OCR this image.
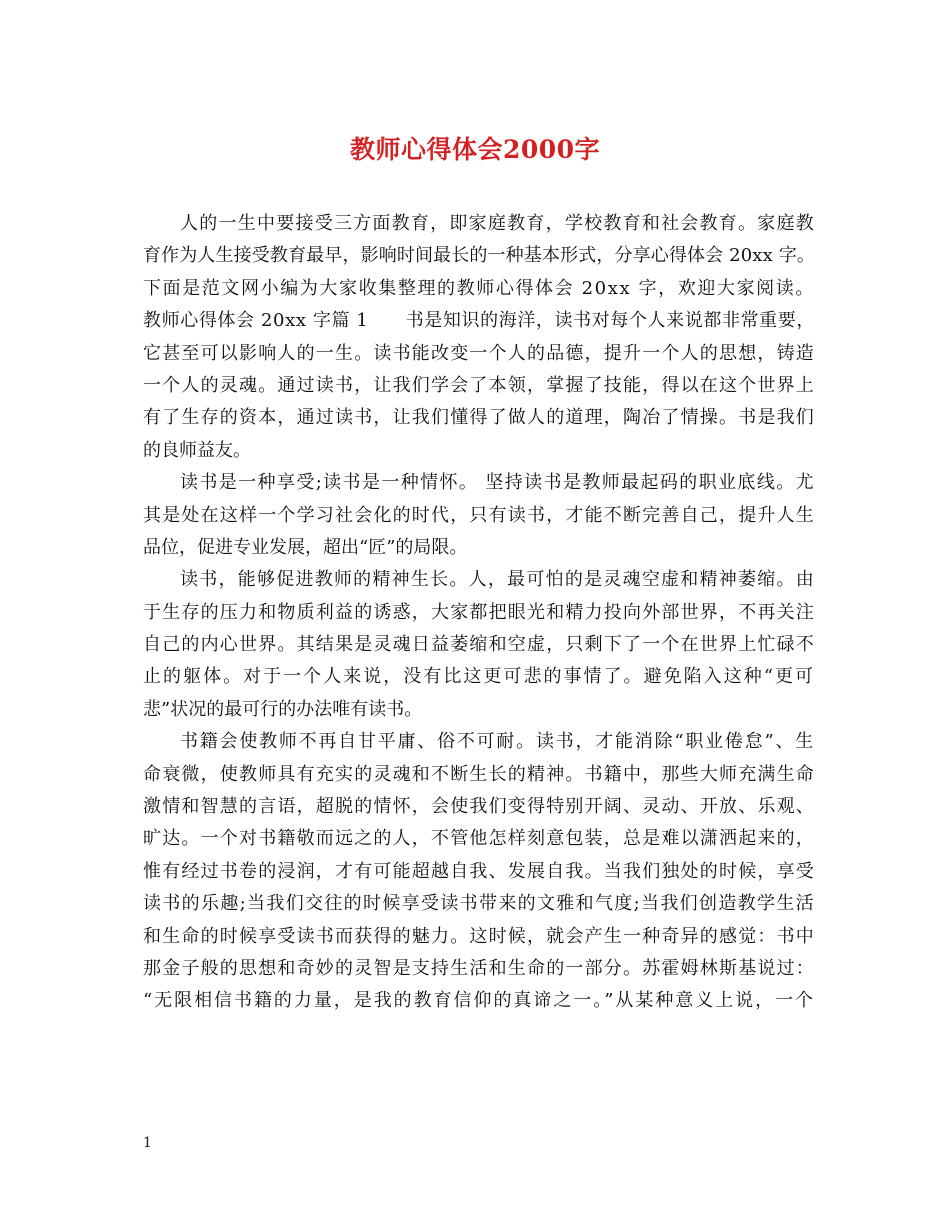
教师心得体会2000字
人的一生中要接受三方面教育，即家庭教育，学校教育和社会教育。家庭教
育作为人生接受教育最早，影响时间最长的一种基本形式，分享心得体会 20xx 字。
下面是范文网小编为大家收集整理的教师心得体会 20xx 字，欢迎大家阅读。
教师心得体会 20xx 字篇 1　　书是知识的海洋，读书对每个人来说都非常重要，
它甚至可以影响人的一生。读书能改变一个人的品德，提升一个人的思想，铸造
一个人的灵魂。通过读书，让我们学会了本领，掌握了技能，得以在这个世界上
有了生存的资本，通过读书，让我们懂得了做人的道理，陶冶了情操。书是我们
的良师益友。
读书是一种享受;读书是一种情怀。 坚持读书是教师最起码的职业底线。尤
其是处在这样一个学习社会化的时代，只有读书，才能不断完善自己，提升人生
品位，促进专业发展，超出“匠”的局限。
读书，能够促进教师的精神生长。人，最可怕的是灵魂空虚和精神萎缩。由
于生存的压力和物质利益的诱惑，大家都把眼光和精力投向外部世界，不再关注
自己的内心世界。其结果是灵魂日益萎缩和空虚，只剩下了一个在世界上忙碌不
止的躯体。对于一个人来说，没有比这更可悲的事情了。避免陷入这种“更可
悲”状况的最可行的办法唯有读书。
书籍会使教师不再自甘平庸、俗不可耐。读书，才能消除“职业倦怠”、生
命衰微，使教师具有充实的灵魂和不断生长的精神。书籍中，那些大师充满生命
激情和智慧的言语，超脱的情怀，会使我们变得特别开阔、灵动、开放、乐观、
旷达。一个对书籍敬而远之的人，不管他怎样刻意包装，总是难以潇洒起来的，
惟有经过书卷的浸润，才有可能超越自我、发展自我。当我们独处的时候，享受
读书的乐趣;当我们交往的时候享受读书带来的文雅和气度;当我们创造教学生活
和生命的时候享受读书而获得的魅力。这时候，就会产生一种奇异的感觉：书中
那金子般的思想和奇妙的灵智是支持生活和生命的一部分。苏霍姆林斯基说过：
“无限相信书籍的力量，是我的教育信仰的真谛之一。”从某种意义上说，一个
1
